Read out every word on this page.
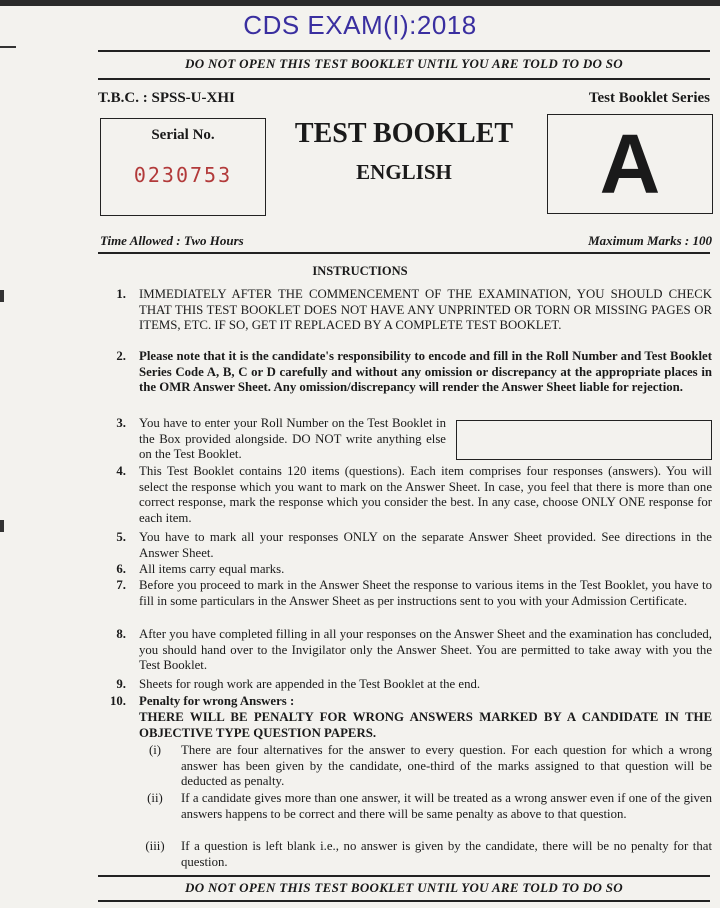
CDS EXAM(I):2018
DO NOT OPEN THIS TEST BOOKLET UNTIL YOU ARE TOLD TO DO SO
T.B.C. : SPSS-U-XHI	Test Booklet Series
Serial No.
0230753
TEST BOOKLET
ENGLISH	A
Time Allowed : Two Hours	Maximum Marks : 100
INSTRUCTIONS
1. IMMEDIATELY AFTER THE COMMENCEMENT OF THE EXAMINATION, YOU SHOULD CHECK THAT THIS TEST BOOKLET DOES NOT HAVE ANY UNPRINTED OR TORN OR MISSING PAGES OR ITEMS, ETC. IF SO, GET IT REPLACED BY A COMPLETE TEST BOOKLET.
2. Please note that it is the candidate's responsibility to encode and fill in the Roll Number and Test Booklet Series Code A, B, C or D carefully and without any omission or discrepancy at the appropriate places in the OMR Answer Sheet. Any omission/discrepancy will render the Answer Sheet liable for rejection.
3. You have to enter your Roll Number on the Test Booklet in the Box provided alongside. DO NOT write anything else on the Test Booklet.
4. This Test Booklet contains 120 items (questions). Each item comprises four responses (answers). You will select the response which you want to mark on the Answer Sheet. In case, you feel that there is more than one correct response, mark the response which you consider the best. In any case, choose ONLY ONE response for each item.
5. You have to mark all your responses ONLY on the separate Answer Sheet provided. See directions in the Answer Sheet.
6. All items carry equal marks.
7. Before you proceed to mark in the Answer Sheet the response to various items in the Test Booklet, you have to fill in some particulars in the Answer Sheet as per instructions sent to you with your Admission Certificate.
8. After you have completed filling in all your responses on the Answer Sheet and the examination has concluded, you should hand over to the Invigilator only the Answer Sheet. You are permitted to take away with you the Test Booklet.
9. Sheets for rough work are appended in the Test Booklet at the end.
10. Penalty for wrong Answers :
THERE WILL BE PENALTY FOR WRONG ANSWERS MARKED BY A CANDIDATE IN THE OBJECTIVE TYPE QUESTION PAPERS.
(i)	There are four alternatives for the answer to every question. For each question for which a wrong answer has been given by the candidate, one-third of the marks assigned to that question will be deducted as penalty.
(ii)	If a candidate gives more than one answer, it will be treated as a wrong answer even if one of the given answers happens to be correct and there will be same penalty as above to that question.
(iii)	If a question is left blank i.e., no answer is given by the candidate, there will be no penalty for that question.
DO NOT OPEN THIS TEST BOOKLET UNTIL YOU ARE TOLD TO DO SO
